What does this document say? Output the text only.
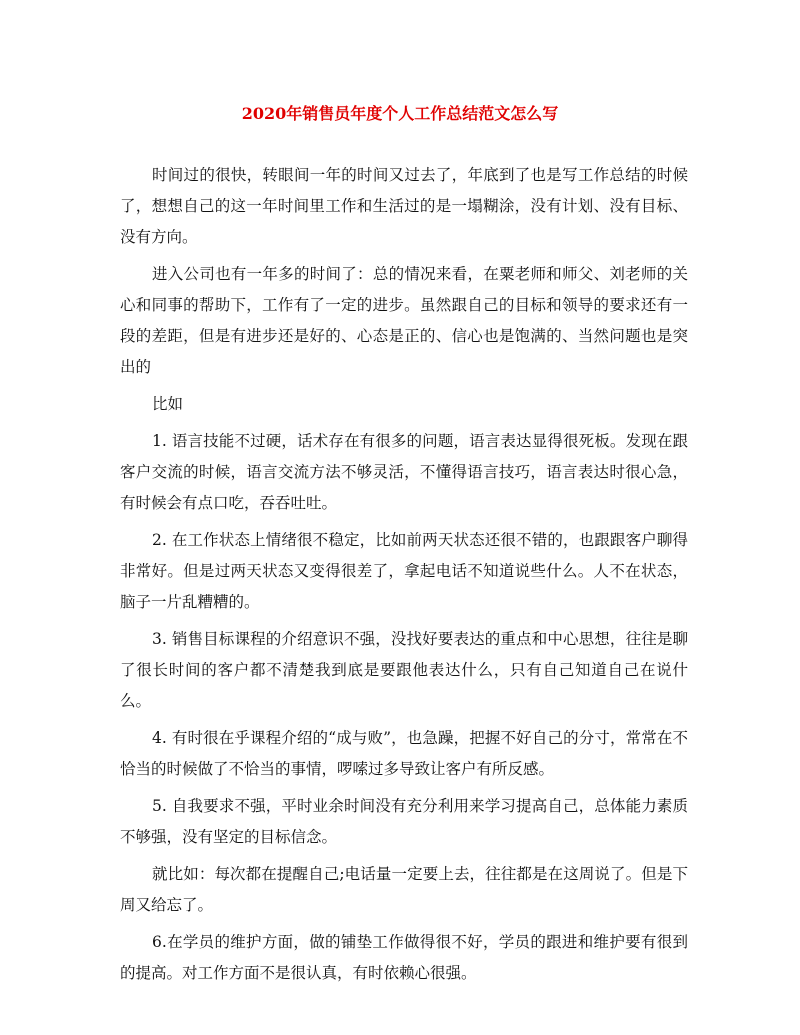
2020年销售员年度个人工作总结范文怎么写

时间过的很快，转眼间一年的时间又过去了，年底到了也是写工作总结的时候了，想想自己的这一年时间里工作和生活过的是一塌糊涂，没有计划、没有目标、没有方向。

进入公司也有一年多的时间了：总的情况来看，在粟老师和师父、刘老师的关心和同事的帮助下，工作有了一定的进步。虽然跟自己的目标和领导的要求还有一段的差距，但是有进步还是好的、心态是正的、信心也是饱满的、当然问题也是突出的

比如

1. 语言技能不过硬，话术存在有很多的问题，语言表达显得很死板。发现在跟客户交流的时候，语言交流方法不够灵活，不懂得语言技巧，语言表达时很心急，有时候会有点口吃，吞吞吐吐。

2. 在工作状态上情绪很不稳定，比如前两天状态还很不错的，也跟跟客户聊得非常好。但是过两天状态又变得很差了，拿起电话不知道说些什么。人不在状态，脑子一片乱糟糟的。

3. 销售目标课程的介绍意识不强，没找好要表达的重点和中心思想，往往是聊了很长时间的客户都不清楚我到底是要跟他表达什么，只有自己知道自己在说什么。

4. 有时很在乎课程介绍的“成与败”，也急躁，把握不好自己的分寸，常常在不恰当的时候做了不恰当的事情，啰嗦过多导致让客户有所反感。

5. 自我要求不强，平时业余时间没有充分利用来学习提高自己，总体能力素质不够强，没有坚定的目标信念。

就比如：每次都在提醒自己;电话量一定要上去，往往都是在这周说了。但是下周又给忘了。

6.在学员的维护方面，做的铺垫工作做得很不好，学员的跟进和维护要有很到的提高。对工作方面不是很认真，有时依赖心很强。
